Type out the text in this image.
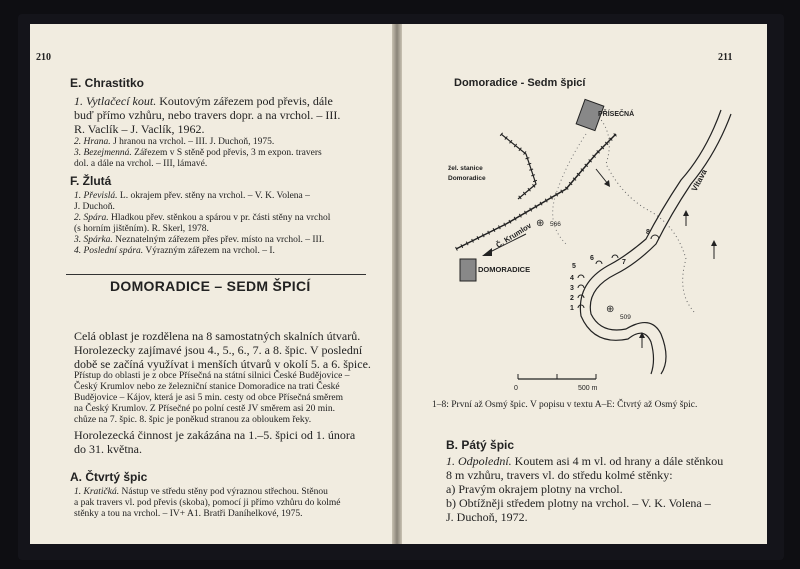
210
E. Chrastitko
1. Vytlačecí kout. Koutovým zářezem pod převis, dále
buď přímo vzhůru, nebo travers dopr. a na vrchol. – III.
R. Vaclík – J. Vaclík, 1962.
2. Hrana. J hranou na vrchol. – III. J. Duchoň, 1975.
3. Bezejmenná. Zářezem v S stěně pod převis, 3 m expon. travers
dol. a dále na vrchol. – III, lámavé.
F. Žlutá
1. Převislá. L. okrajem přev. stěny na vrchol. – V. K. Volena –
J. Duchoň.
2. Spára. Hladkou přev. stěnkou a spárou v pr. části stěny na vrchol
(s horním jištěním). R. Skerl, 1978.
3. Spárka. Neznatelným zářezem přes přev. místo na vrchol. – III.
4. Poslední spára. Výrazným zářezem na vrchol. – I.
DOMORADICE – SEDM ŠPICÍ
Celá oblast je rozdělena na 8 samostatných skalních útvarů.
Horolezecky zajímavé jsou 4., 5., 6., 7. a 8. špic. V poslední
době se začíná využívat i menších útvarů v okolí 5. a 6. špice.
Přístup do oblasti je z obce Přísečná na státní silnici České Budějovice –
Český Krumlov nebo ze železniční stanice Domoradice na trati České
Budějovice – Kájov, která je asi 5 min. cesty od obce Přísečná směrem
na Český Krumlov. Z Přísečné po polní cestě JV směrem asi 20 min.
chůze na 7. špic. 8. špic je poněkud stranou za obloukem řeky.
Horolezecká činnost je zakázána na 1.–5. špici od 1. února
do 31. května.
A. Čtvrtý špic
1. Kratičká. Nástup ve středu stěny pod výraznou střechou. Stěnou
a pak travers vl. pod převis (skoba), pomocí ji přímo vzhůru do kolmé
stěnky a tou na vrchol. – IV+ A1. Bratři Daníhelkové, 1975.
211
Domoradice - Sedm špicí
PŘÍSEČNÁ
žel. stanice
Domoradice
Č. Krumlov
Vltava
DOMORADICE
⊕ 566
⊕
509
5
6
7
4
3
2
1
8
0	500 m
1–8: První až Osmý špic. V popisu v textu A–E: Čtvrtý až Osmý špic.
B. Pátý špic
1. Odpolední. Koutem asi 4 m vl. od hrany a dále stěnkou
8 m vzhůru, travers vl. do středu kolmé stěnky:
a) Pravým okrajem plotny na vrchol.
b) Obtížněji středem plotny na vrchol. – V. K. Volena –
J. Duchoň, 1972.
